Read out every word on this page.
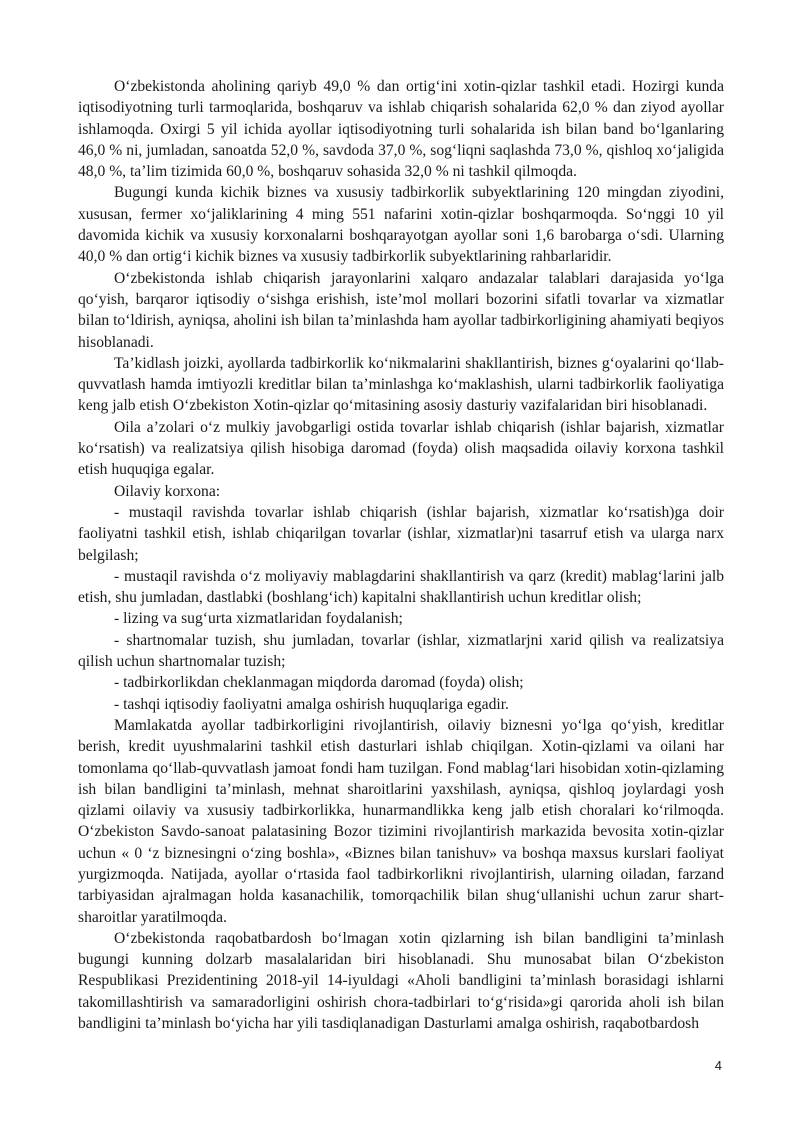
O‘zbekistonda aholining qariyb 49,0 % dan ortig‘ini xotin-qizlar tashkil etadi. Hozirgi kunda iqtisodiyotning turli tarmoqlarida, boshqaruv va ishlab chiqarish sohalarida 62,0 % dan ziyod ayollar ishlamoqda. Oxirgi 5 yil ichida ayollar iqtisodiyotning turli sohalarida ish bilan band bo‘lganlaring 46,0 % ni, jumladan, sanoatda 52,0 %, savdoda 37,0 %, sog‘liqni saqlashda 73,0 %, qishloq xo‘jaligida 48,0 %, ta’lim tizimida 60,0 %, boshqaruv sohasida 32,0 % ni tashkil qilmoqda.

Bugungi kunda kichik biznes va xususiy tadbirkorlik subyektlarining 120 mingdan ziyodini, xususan, fermer xo‘jaliklarining 4 ming 551 nafarini xotin-qizlar boshqarmoqda. So‘nggi 10 yil davomida kichik va xususiy korxonalarni boshqarayotgan ayollar soni 1,6 barobarga o‘sdi. Ularning 40,0 % dan ortig‘i kichik biznes va xususiy tadbirkorlik subyektlarining rahbarlaridir.

O‘zbekistonda ishlab chiqarish jarayonlarini xalqaro andazalar talablari darajasida yo‘lga qo‘yish, barqaror iqtisodiy o‘sishga erishish, iste’mol mollari bozorini sifatli tovarlar va xizmatlar bilan to‘ldirish, ayniqsa, aholini ish bilan ta’minlashda ham ayollar tadbirkorligining ahamiyati beqiyos hisoblanadi.

Ta’kidlash joizki, ayollarda tadbirkorlik ko‘nikmalarini shakllantirish, biznes g‘oyalarini qo‘llab-quvvatlash hamda imtiyozli kreditlar bilan ta’minlashga ko‘maklashish, ularni tadbirkorlik faoliyatiga keng jalb etish O‘zbekiston Xotin-qizlar qo‘mitasining asosiy dasturiy vazifalaridan biri hisoblanadi.

Oila a’zolari o‘z mulkiy javobgarligi ostida tovarlar ishlab chiqarish (ishlar bajarish, xizmatlar ko‘rsatish) va realizatsiya qilish hisobiga daromad (foyda) olish maqsadida oilaviy korxona tashkil etish huquqiga egalar.

Oilaviy korxona:

- mustaqil ravishda tovarlar ishlab chiqarish (ishlar bajarish, xizmatlar ko‘rsatish)ga doir faoliyatni tashkil etish, ishlab chiqarilgan tovarlar (ishlar, xizmatlar)ni tasarruf etish va ularga narx belgilash;

- mustaqil ravishda o‘z moliyaviy mablagdarini shakllantirish va qarz (kredit) mablag‘larini jalb etish, shu jumladan, dastlabki (boshlang‘ich) kapitalni shakllantirish uchun kreditlar olish;

- lizing va sug‘urta xizmatlaridan foydalanish;

- shartnomalar tuzish, shu jumladan, tovarlar (ishlar, xizmatlarjni xarid qilish va realizatsiya qilish uchun shartnomalar tuzish;

- tadbirkorlikdan cheklanmagan miqdorda daromad (foyda) olish;

- tashqi iqtisodiy faoliyatni amalga oshirish huquqlariga egadir.

Mamlakatda ayollar tadbirkorligini rivojlantirish, oilaviy biznesni yo‘lga qo‘yish, kreditlar berish, kredit uyushmalarini tashkil etish dasturlari ishlab chiqilgan. Xotin-qizlami va oilani har tomonlama qo‘llab-quvvatlash jamoat fondi ham tuzilgan. Fond mablag‘lari hisobidan xotin-qizlaming ish bilan bandligini ta’minlash, mehnat sharoitlarini yaxshilash, ayniqsa, qishloq joylardagi yosh qizlami oilaviy va xususiy tadbirkorlikka, hunarmandlikka keng jalb etish choralari ko‘rilmoqda. O‘zbekiston Savdo-sanoat palatasining Bozor tizimini rivojlantirish markazida bevosita xotin-qizlar uchun « 0 ‘z biznesingni o‘zing boshla», «Biznes bilan tanishuv» va boshqa maxsus kurslari faoliyat yurgizmoqda. Natijada, ayollar o‘rtasida faol tadbirkorlikni rivojlantirish, ularning oiladan, farzand tarbiyasidan ajralmagan holda kasanachilik, tomorqachilik bilan shug‘ullanishi uchun zarur shart-sharoitlar yaratilmoqda.

O‘zbekistonda raqobatbardosh bo‘lmagan xotin qizlarning ish bilan bandligini ta’minlash bugungi kunning dolzarb masalalaridan biri hisoblanadi. Shu munosabat bilan O‘zbekiston Respublikasi Prezidentining 2018-yil 14-iyuldagi «Aholi bandligini ta’minlash borasidagi ishlarni takomillashtirish va samaradorligini oshirish chora-tadbirlari to‘g‘risida»gi qarorida aholi ish bilan bandligini ta’minlash bo‘yicha har yili tasdiqlanadigan Dasturlami amalga oshirish, raqabotbardosh

4
